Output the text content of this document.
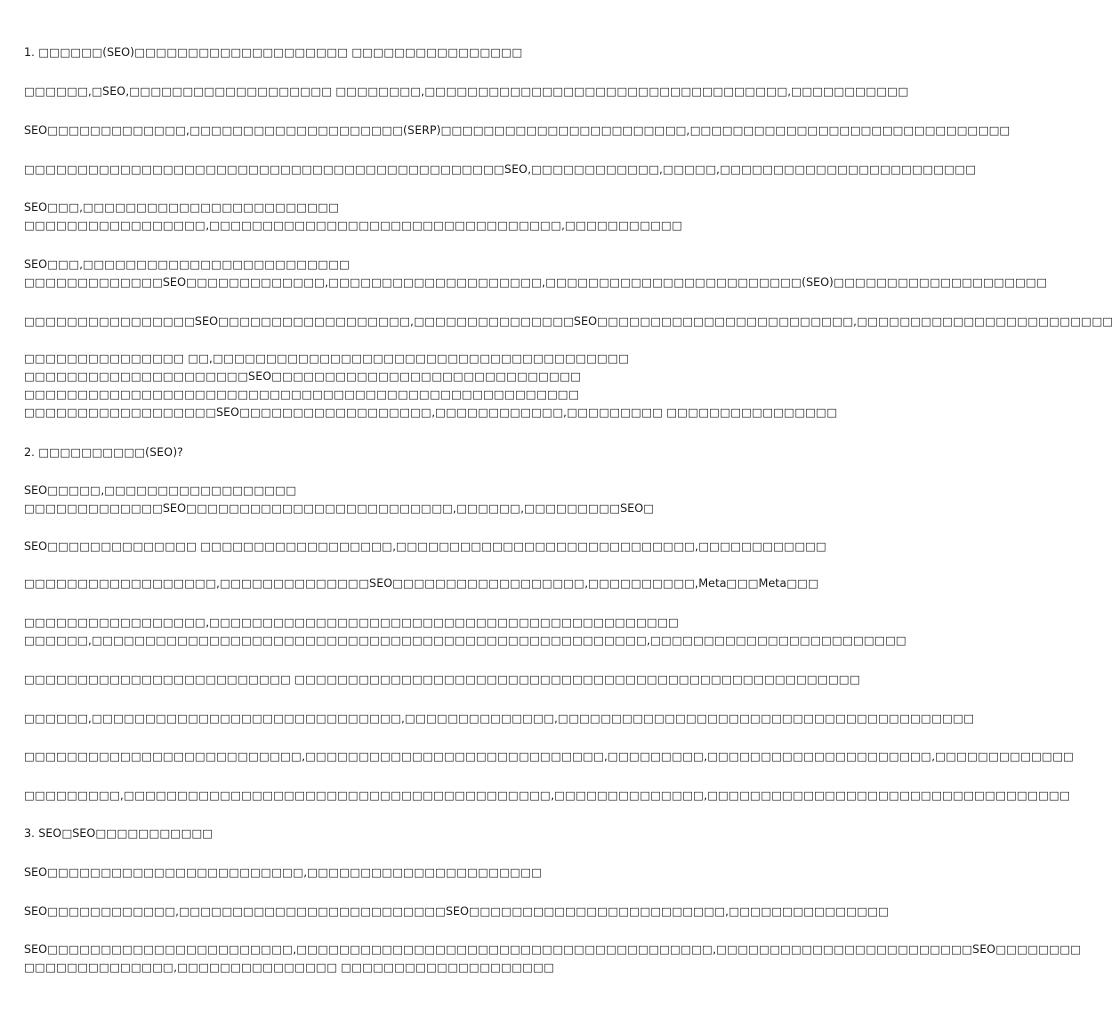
1. □□□□□□(SEO)□□□□□□□□□□□□□□□□□□□□ □□□□□□□□□□□□□□□□
□□□□□□,□SEO,□□□□□□□□□□□□□□□□□□□ □□□□□□□□,□□□□□□□□□□□□□□□□□□□□□□□□□□□□□□□□□□,□□□□□□□□□□□
SEO□□□□□□□□□□□□□,□□□□□□□□□□□□□□□□□□□□(SERP)□□□□□□□□□□□□□□□□□□□□□□□,□□□□□□□□□□□□□□□□□□□□□□□□□□□□□□
□□□□□□□□□□□□□□□□□□□□□□□□□□□□□□□□□□□□□□□□□□□□□SEO,□□□□□□□□□□□□,□□□□□,□□□□□□□□□□□□□□□□□□□□□□□□
SEO□□□,□□□□□□□□□□□□□□□□□□□□□□□□
□□□□□□□□□□□□□□□□□,□□□□□□□□□□□□□□□□□□□□□□□□□□□□□□□□□,□□□□□□□□□□□
SEO□□□,□□□□□□□□□□□□□□□□□□□□□□□□□
□□□□□□□□□□□□□SEO□□□□□□□□□□□□□,□□□□□□□□□□□□□□□□□□□□,□□□□□□□□□□□□□□□□□□□□□□□□(SEO)□□□□□□□□□□□□□□□□□□□□
□□□□□□□□□□□□□□□□SEO□□□□□□□□□□□□□□□□□□,□□□□□□□□□□□□□□□SEO□□□□□□□□□□□□□□□□□□□□□□□□,□□□□□□□□□□□□□□□□□□□□□□□□
□□□□□□□□□□□□□□□ □□,□□□□□□□□□□□□□□□□□□□□□□□□□□□□□□□□□□□□□□□
□□□□□□□□□□□□□□□□□□□□□SEO□□□□□□□□□□□□□□□□□□□□□□□□□□□□□
□□□□□□□□□□□□□□□□□□□□□□□□□□□□□□□□□□□□□□□□□□□□□□□□□□□□
□□□□□□□□□□□□□□□□□□SEO□□□□□□□□□□□□□□□□□□,□□□□□□□□□□□□,□□□□□□□□□ □□□□□□□□□□□□□□□□
2. □□□□□□□□□□(SEO)?
SEO□□□□□,□□□□□□□□□□□□□□□□□□
□□□□□□□□□□□□□SEO□□□□□□□□□□□□□□□□□□□□□□□□□,□□□□□□,□□□□□□□□□SEO□
SEO□□□□□□□□□□□□□□ □□□□□□□□□□□□□□□□□□,□□□□□□□□□□□□□□□□□□□□□□□□□□□□,□□□□□□□□□□□□
□□□□□□□□□□□□□□□□□□,□□□□□□□□□□□□□□SEO□□□□□□□□□□□□□□□□□□,□□□□□□□□□□,Meta□□□Meta□□□
□□□□□□□□□□□□□□□□□,□□□□□□□□□□□□□□□□□□□□□□□□□□□□□□□□□□□□□□□□□□□□
□□□□□□,□□□□□□□□□□□□□□□□□□□□□□□□□□□□□□□□□□□□□□□□□□□□□□□□□□□□,□□□□□□□□□□□□□□□□□□□□□□□□
□□□□□□□□□□□□□□□□□□□□□□□□□ □□□□□□□□□□□□□□□□□□□□□□□□□□□□□□□□□□□□□□□□□□□□□□□□□□□□□
□□□□□□,□□□□□□□□□□□□□□□□□□□□□□□□□□□□□,□□□□□□□□□□□□□□,□□□□□□□□□□□□□□□□□□□□□□□□□□□□□□□□□□□□□□□
□□□□□□□□□□□□□□□□□□□□□□□□□□,□□□□□□□□□□□□□□□□□□□□□□□□□□□□,□□□□□□□□□,□□□□□□□□□□□□□□□□□□□□□,□□□□□□□□□□□□□
□□□□□□□□□,□□□□□□□□□□□□□□□□□□□□□□□□□□□□□□□□□□□□□□□□,□□□□□□□□□□□□□□,□□□□□□□□□□□□□□□□□□□□□□□□□□□□□□□□□□
3. SEO□SEO□□□□□□□□□□□
SEO□□□□□□□□□□□□□□□□□□□□□□□□,□□□□□□□□□□□□□□□□□□□□□□
SEO□□□□□□□□□□□□,□□□□□□□□□□□□□□□□□□□□□□□□□SEO□□□□□□□□□□□□□□□□□□□□□□□□,□□□□□□□□□□□□□□□
SEO□□□□□□□□□□□□□□□□□□□□□□□,□□□□□□□□□□□□□□□□□□□□□□□□□□□□□□□□□□□□□□□,□□□□□□□□□□□□□□□□□□□□□□□□SEO□□□□□□□□
□□□□□□□□□□□□□□,□□□□□□□□□□□□□□□ □□□□□□□□□□□□□□□□□□□□
